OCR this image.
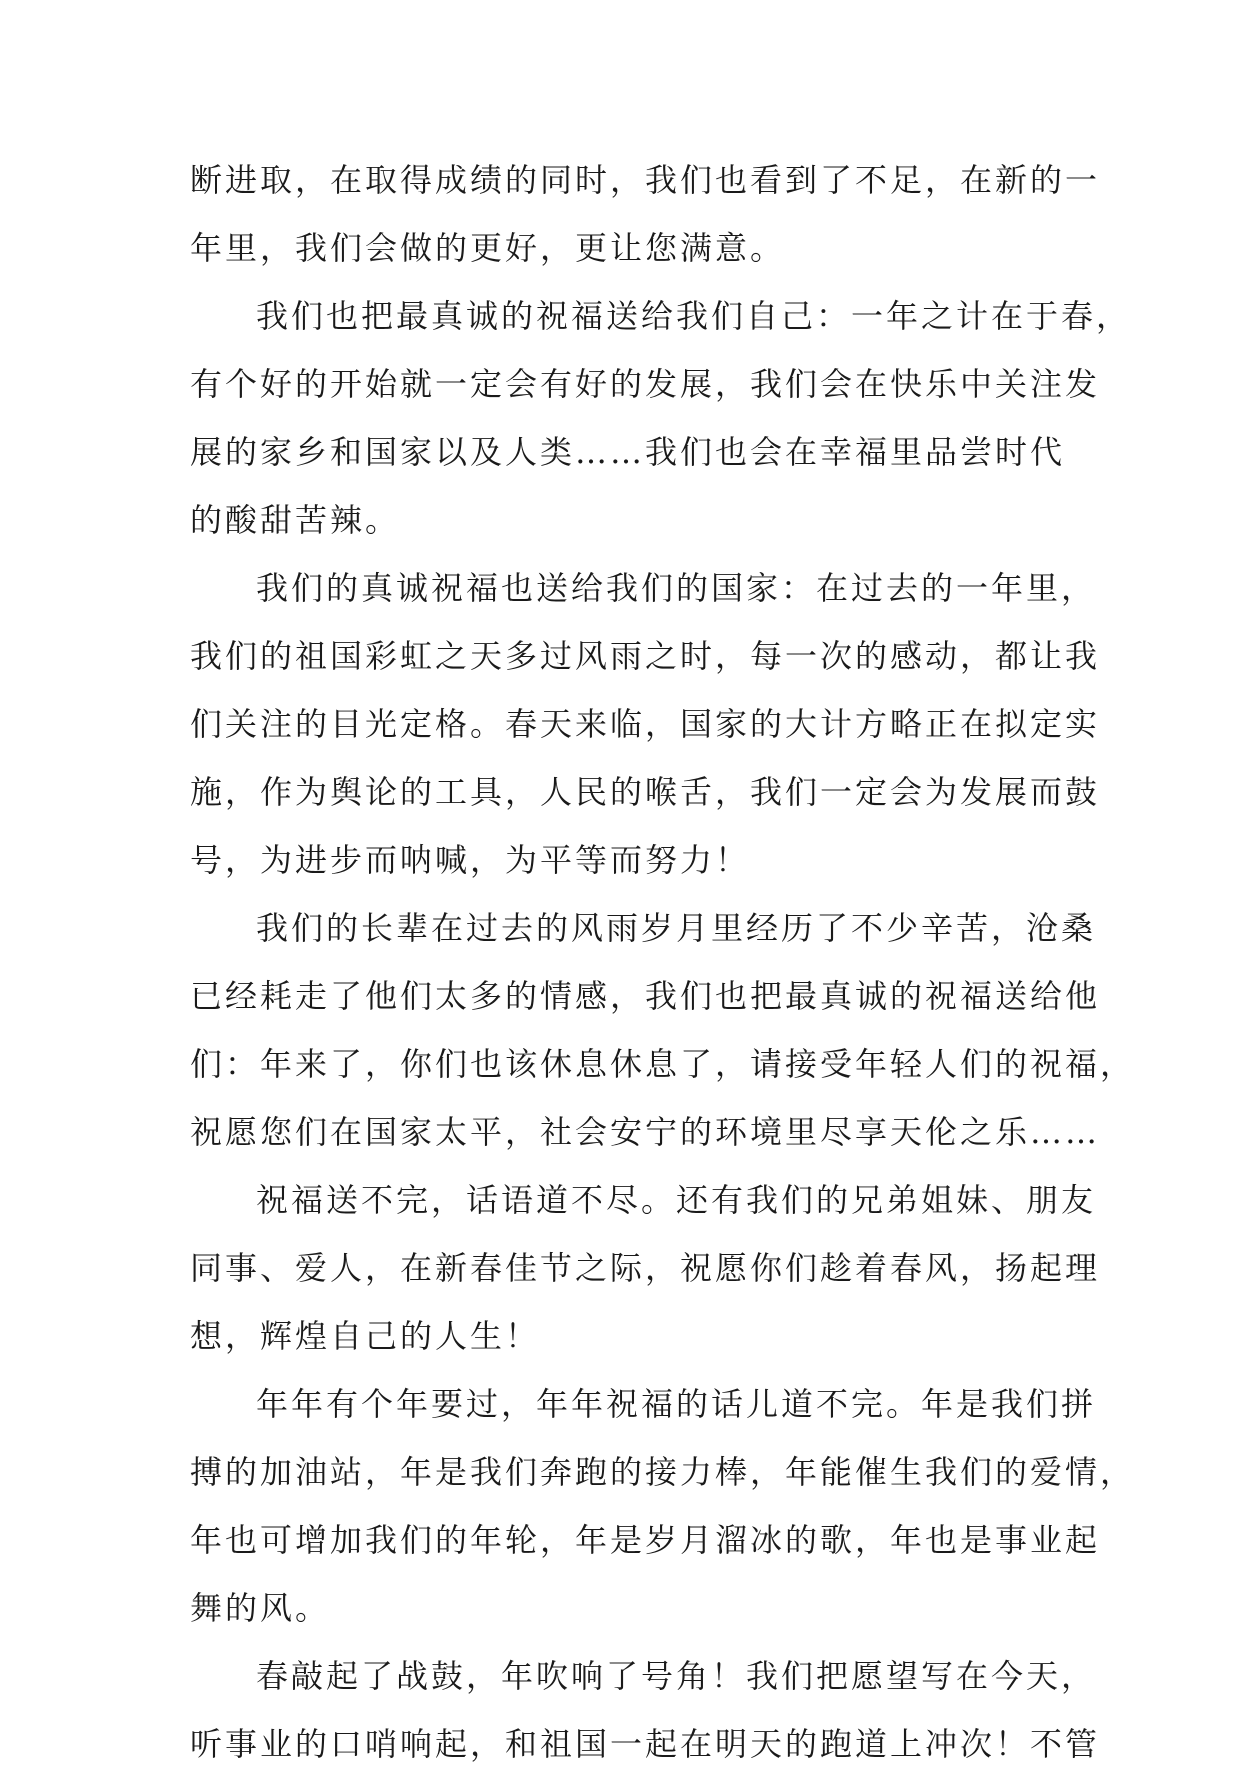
断进取，在取得成绩的同时，我们也看到了不足，在新的一
年里，我们会做的更好，更让您满意。
我们也把最真诚的祝福送给我们自己：一年之计在于春，
有个好的开始就一定会有好的发展，我们会在快乐中关注发
展的家乡和国家以及人类……我们也会在幸福里品尝时代
的酸甜苦辣。
我们的真诚祝福也送给我们的国家：在过去的一年里，
我们的祖国彩虹之天多过风雨之时，每一次的感动，都让我
们关注的目光定格。春天来临，国家的大计方略正在拟定实
施，作为舆论的工具，人民的喉舌，我们一定会为发展而鼓
号，为进步而呐喊，为平等而努力！
我们的长辈在过去的风雨岁月里经历了不少辛苦，沧桑
已经耗走了他们太多的情感，我们也把最真诚的祝福送给他
们：年来了，你们也该休息休息了，请接受年轻人们的祝福，
祝愿您们在国家太平，社会安宁的环境里尽享天伦之乐……
祝福送不完，话语道不尽。还有我们的兄弟姐妹、朋友
同事、爱人，在新春佳节之际，祝愿你们趁着春风，扬起理
想，辉煌自己的人生！
年年有个年要过，年年祝福的话儿道不完。年是我们拼
搏的加油站，年是我们奔跑的接力棒，年能催生我们的爱情，
年也可增加我们的年轮，年是岁月溜冰的歌，年也是事业起
舞的风。
春敲起了战鼓，年吹响了号角！我们把愿望写在今天，
听事业的口哨响起，和祖国一起在明天的跑道上冲次！不管
